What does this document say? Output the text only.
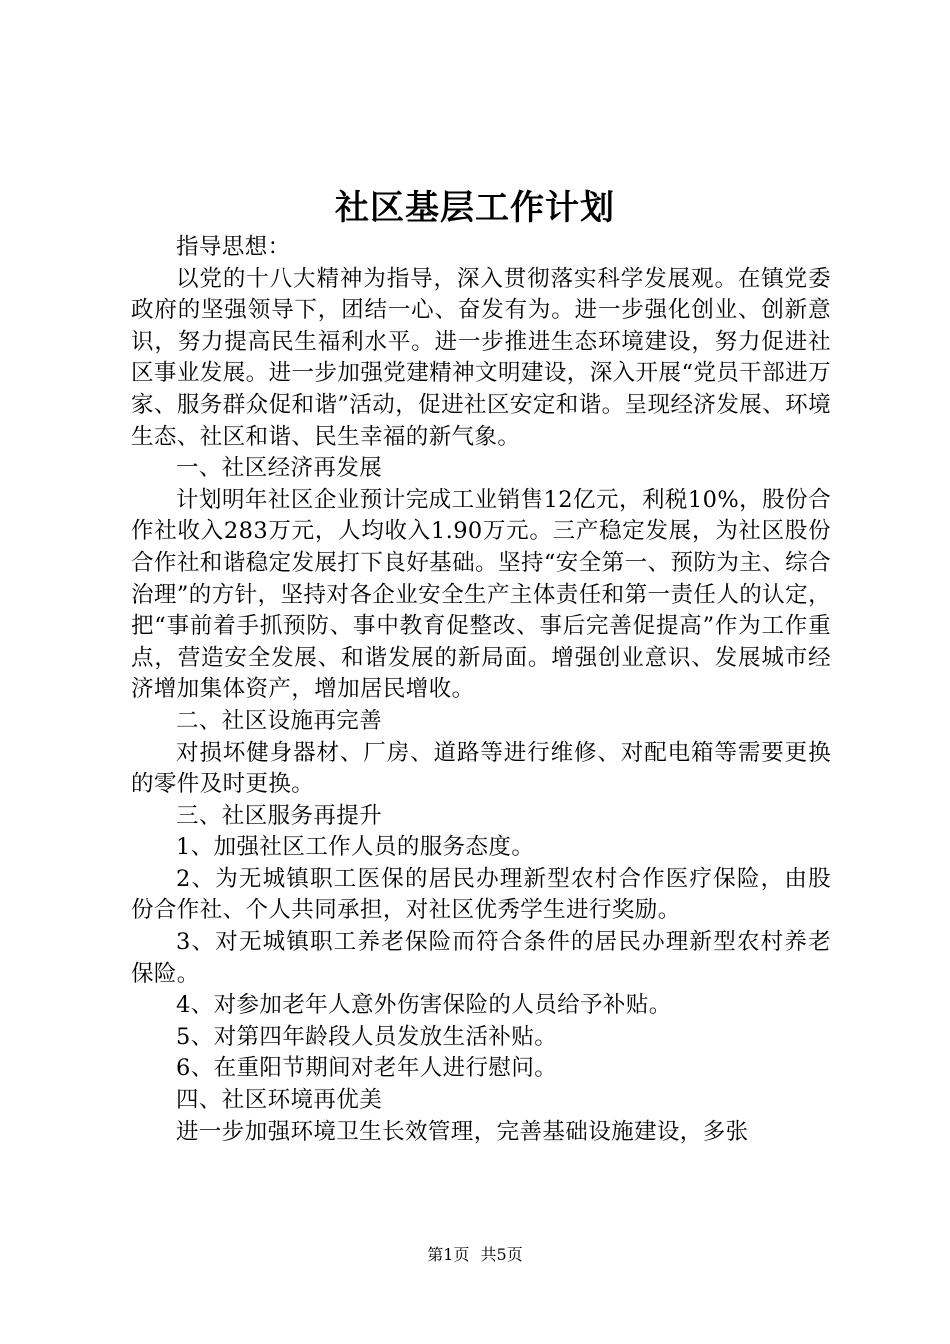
社区基层工作计划

指导思想：

以党的十八大精神为指导，深入贯彻落实科学发展观。在镇党委政府的坚强领导下，团结一心、奋发有为。进一步强化创业、创新意识，努力提高民生福利水平。进一步推进生态环境建设，努力促进社区事业发展。进一步加强党建精神文明建设，深入开展“党员干部进万家、服务群众促和谐”活动，促进社区安定和谐。呈现经济发展、环境生态、社区和谐、民生幸福的新气象。

一、社区经济再发展

计划明年社区企业预计完成工业销售12亿元，利税10%，股份合作社收入283万元，人均收入1.90万元。三产稳定发展，为社区股份合作社和谐稳定发展打下良好基础。坚持“安全第一、预防为主、综合治理”的方针，坚持对各企业安全生产主体责任和第一责任人的认定，把“事前着手抓预防、事中教育促整改、事后完善促提高”作为工作重点，营造安全发展、和谐发展的新局面。增强创业意识、发展城市经济增加集体资产，增加居民增收。

二、社区设施再完善

对损坏健身器材、厂房、道路等进行维修、对配电箱等需要更换的零件及时更换。

三、社区服务再提升

1、加强社区工作人员的服务态度。

2、为无城镇职工医保的居民办理新型农村合作医疗保险，由股份合作社、个人共同承担，对社区优秀学生进行奖励。

3、对无城镇职工养老保险而符合条件的居民办理新型农村养老保险。

4、对参加老年人意外伤害保险的人员给予补贴。

5、对第四年龄段人员发放生活补贴。

6、在重阳节期间对老年人进行慰问。

四、社区环境再优美

进一步加强环境卫生长效管理，完善基础设施建设，多张

第1页 共5页
